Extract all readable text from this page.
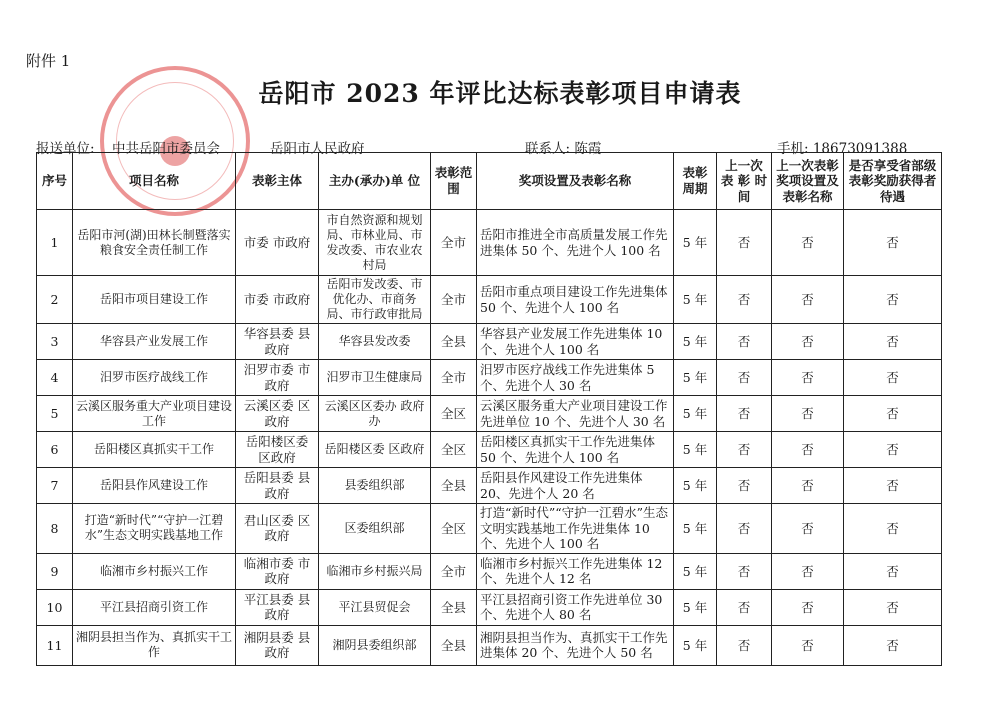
附件 1
岳阳市 2023 年评比达标表彰项目申请表
报送单位: 中共岳阳市委员会	岳阳市人民政府	联系人: 陈霞	手机: 18673091388
序号	项目名称	表彰主体	主办(承办)单 位	表彰范围	奖项设置及表彰名称	表彰周期	上一次表 彰 时 间	上一次表彰奖项设置及表彰名称	是否享受省部级表彰奖励获得者待遇
1	岳阳市河(湖)田林长制暨落实粮食安全责任制工作	市委 市政府	市自然资源和规划局、市林业局、市发改委、市农业农村局	全市	岳阳市推进全市高质量发展工作先进集体 50 个、先进个人 100 名	5 年	否	否	否
2	岳阳市项目建设工作	市委 市政府	岳阳市发改委、市优化办、市商务局、市行政审批局	全市	岳阳市重点项目建设工作先进集体 50 个、先进个人 100 名	5 年	否	否	否
3	华容县产业发展工作	华容县委 县政府	华容县发改委	全县	华容县产业发展工作先进集体 10 个、先进个人 100 名	5 年	否	否	否
4	汨罗市医疗战线工作	汨罗市委 市政府	汨罗市卫生健康局	全市	汨罗市医疗战线工作先进集体 5 个、先进个人 30 名	5 年	否	否	否
5	云溪区服务重大产业项目建设工作	云溪区委 区政府	云溪区区委办 政府办	全区	云溪区服务重大产业项目建设工作先进单位 10 个、先进个人 30 名	5 年	否	否	否
6	岳阳楼区真抓实干工作	岳阳楼区委 区政府	岳阳楼区委 区政府	全区	岳阳楼区真抓实干工作先进集体 50 个、先进个人 100 名	5 年	否	否	否
7	岳阳县作风建设工作	岳阳县委 县政府	县委组织部	全县	岳阳县作风建设工作先进集体 20、先进个人 20 名	5 年	否	否	否
8	打造“新时代”“守护一江碧水”生态文明实践基地工作	君山区委 区政府	区委组织部	全区	打造“新时代”“守护一江碧水”生态文明实践基地工作先进集体 10 个、先进个人 100 名	5 年	否	否	否
9	临湘市乡村振兴工作	临湘市委 市政府	临湘市乡村振兴局	全市	临湘市乡村振兴工作先进集体 12 个、先进个人 12 名	5 年	否	否	否
10	平江县招商引资工作	平江县委 县政府	平江县贸促会	全县	平江县招商引资工作先进单位 30 个、先进个人 80 名	5 年	否	否	否
11	湘阴县担当作为、真抓实干工作	湘阴县委 县政府	湘阴县委组织部	全县	湘阴县担当作为、真抓实干工作先进集体 20 个、先进个人 50 名	5 年	否	否	否
